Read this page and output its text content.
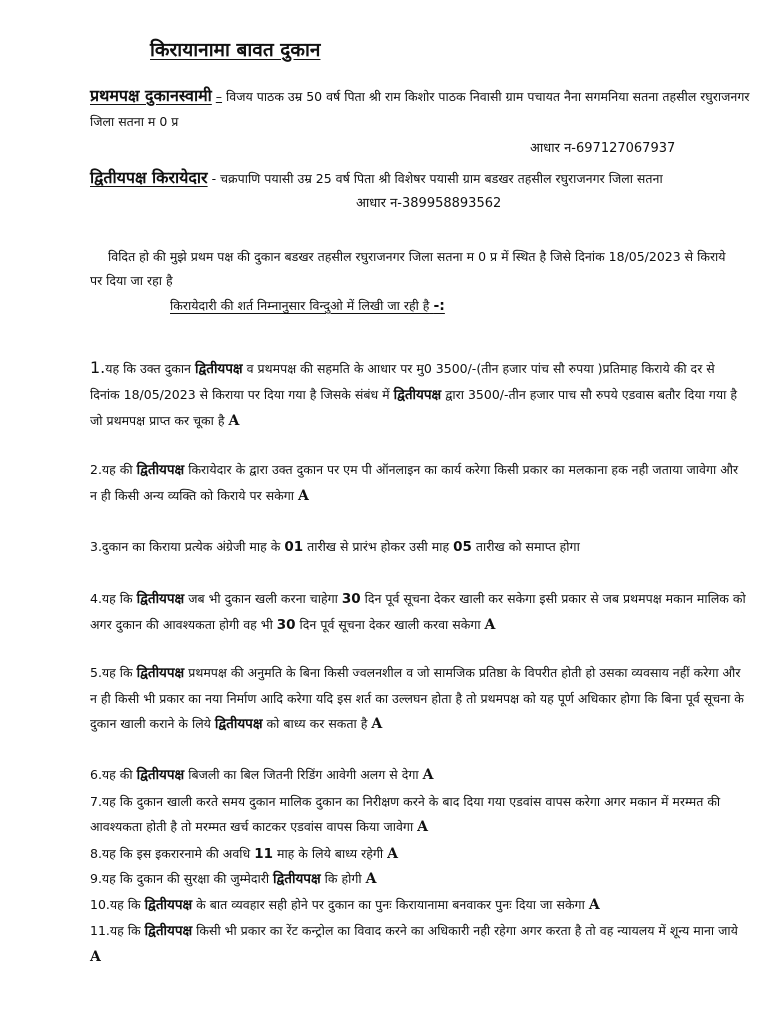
किरायानामा बावत दुकान
प्रथमपक्ष दुकानस्वामी – विजय पाठक उम्र 50 वर्ष पिता श्री राम किशोर पाठक निवासी ग्राम पचायत नैना सगमनिया सतना तहसील रघुराजनगर जिला सतना म 0 प्र
आधार न-697127067937
द्वितीयपक्ष किरायेदार - चक्रपाणि पयासी उम्र 25 वर्ष पिता श्री विशेषर पयासी ग्राम बडखर तहसील रघुराजनगर जिला सतना
आधार न-389958893562
विदित हो की मुझे प्रथम पक्ष की दुकान बडखर तहसील रघुराजनगर जिला सतना म 0 प्र में स्थित है जिसे दिनांक 18/05/2023 से किराये पर दिया जा रहा है
किरायेदारी की शर्त निम्नानुसार विन्दुओ में लिखी जा रही है -:
1.यह कि उक्त दुकान द्वितीयपक्ष व प्रथमपक्ष की सहमति के आधार पर मु0 3500/-(तीन हजार पांच सौ रुपया )प्रतिमाह किराये की दर से दिनांक 18/05/2023 से किराया पर दिया गया है जिसके संबंध में द्वितीयपक्ष द्वारा 3500/-तीन हजार पाच सौ रुपये एडवास बतौर दिया गया है जो प्रथमपक्ष प्राप्त कर चूका है A
2.यह की द्वितीयपक्ष किरायेदार के द्वारा उक्त दुकान पर एम पी ऑनलाइन का कार्य करेगा किसी प्रकार का मलकाना हक नही जताया जावेगा और न ही किसी अन्य व्यक्ति को किराये पर सकेगा A
3.दुकान का किराया प्रत्येक अंग्रेजी माह के 01 तारीख से प्रारंभ होकर उसी माह 05 तारीख को समाप्त होगा
4.यह कि द्वितीयपक्ष जब भी दुकान खली करना चाहेगा 30 दिन पूर्व सूचना देकर खाली कर सकेगा इसी प्रकार से जब प्रथमपक्ष मकान मालिक को अगर दुकान की आवश्यकता होगी वह भी 30 दिन पूर्व सूचना देकर खाली करवा सकेगा A
5.यह कि द्वितीयपक्ष प्रथमपक्ष की अनुमति के बिना किसी ज्वलनशील व जो सामजिक प्रतिष्ठा के विपरीत होती हो उसका व्यवसाय नहीं करेगा और न ही किसी भी प्रकार का नया निर्माण आदि करेगा यदि इस शर्त का उल्लघन होता है तो प्रथमपक्ष को यह पूर्ण अधिकार होगा कि बिना पूर्व सूचना के दुकान खाली कराने के लिये द्वितीयपक्ष को बाध्य कर सकता है A
6.यह की द्वितीयपक्ष बिजली का बिल जितनी रिडिंग आवेगी अलग से देगा A
7.यह कि दुकान खाली करते समय दुकान मालिक दुकान का निरीक्षण करने के बाद दिया गया एडवांस वापस करेगा अगर मकान में मरम्मत की आवश्यकता होती है तो मरम्मत खर्च काटकर एडवांस वापस किया जावेगा A
8.यह कि इस इकरारनामे की अवधि 11 माह के लिये बाध्य रहेगी A
9.यह कि दुकान की सुरक्षा की जुम्मेदारी द्वितीयपक्ष कि होगी A
10.यह कि द्वितीयपक्ष के बात व्यवहार सही होने पर दुकान का पुनः किरायानामा बनवाकर पुनः दिया जा सकेगा A
11.यह कि द्वितीयपक्ष किसी भी प्रकार का रेंट कन्ट्रोल का विवाद करने का अधिकारी नही रहेगा अगर करता है तो वह न्यायलय में शून्य माना जाये A
